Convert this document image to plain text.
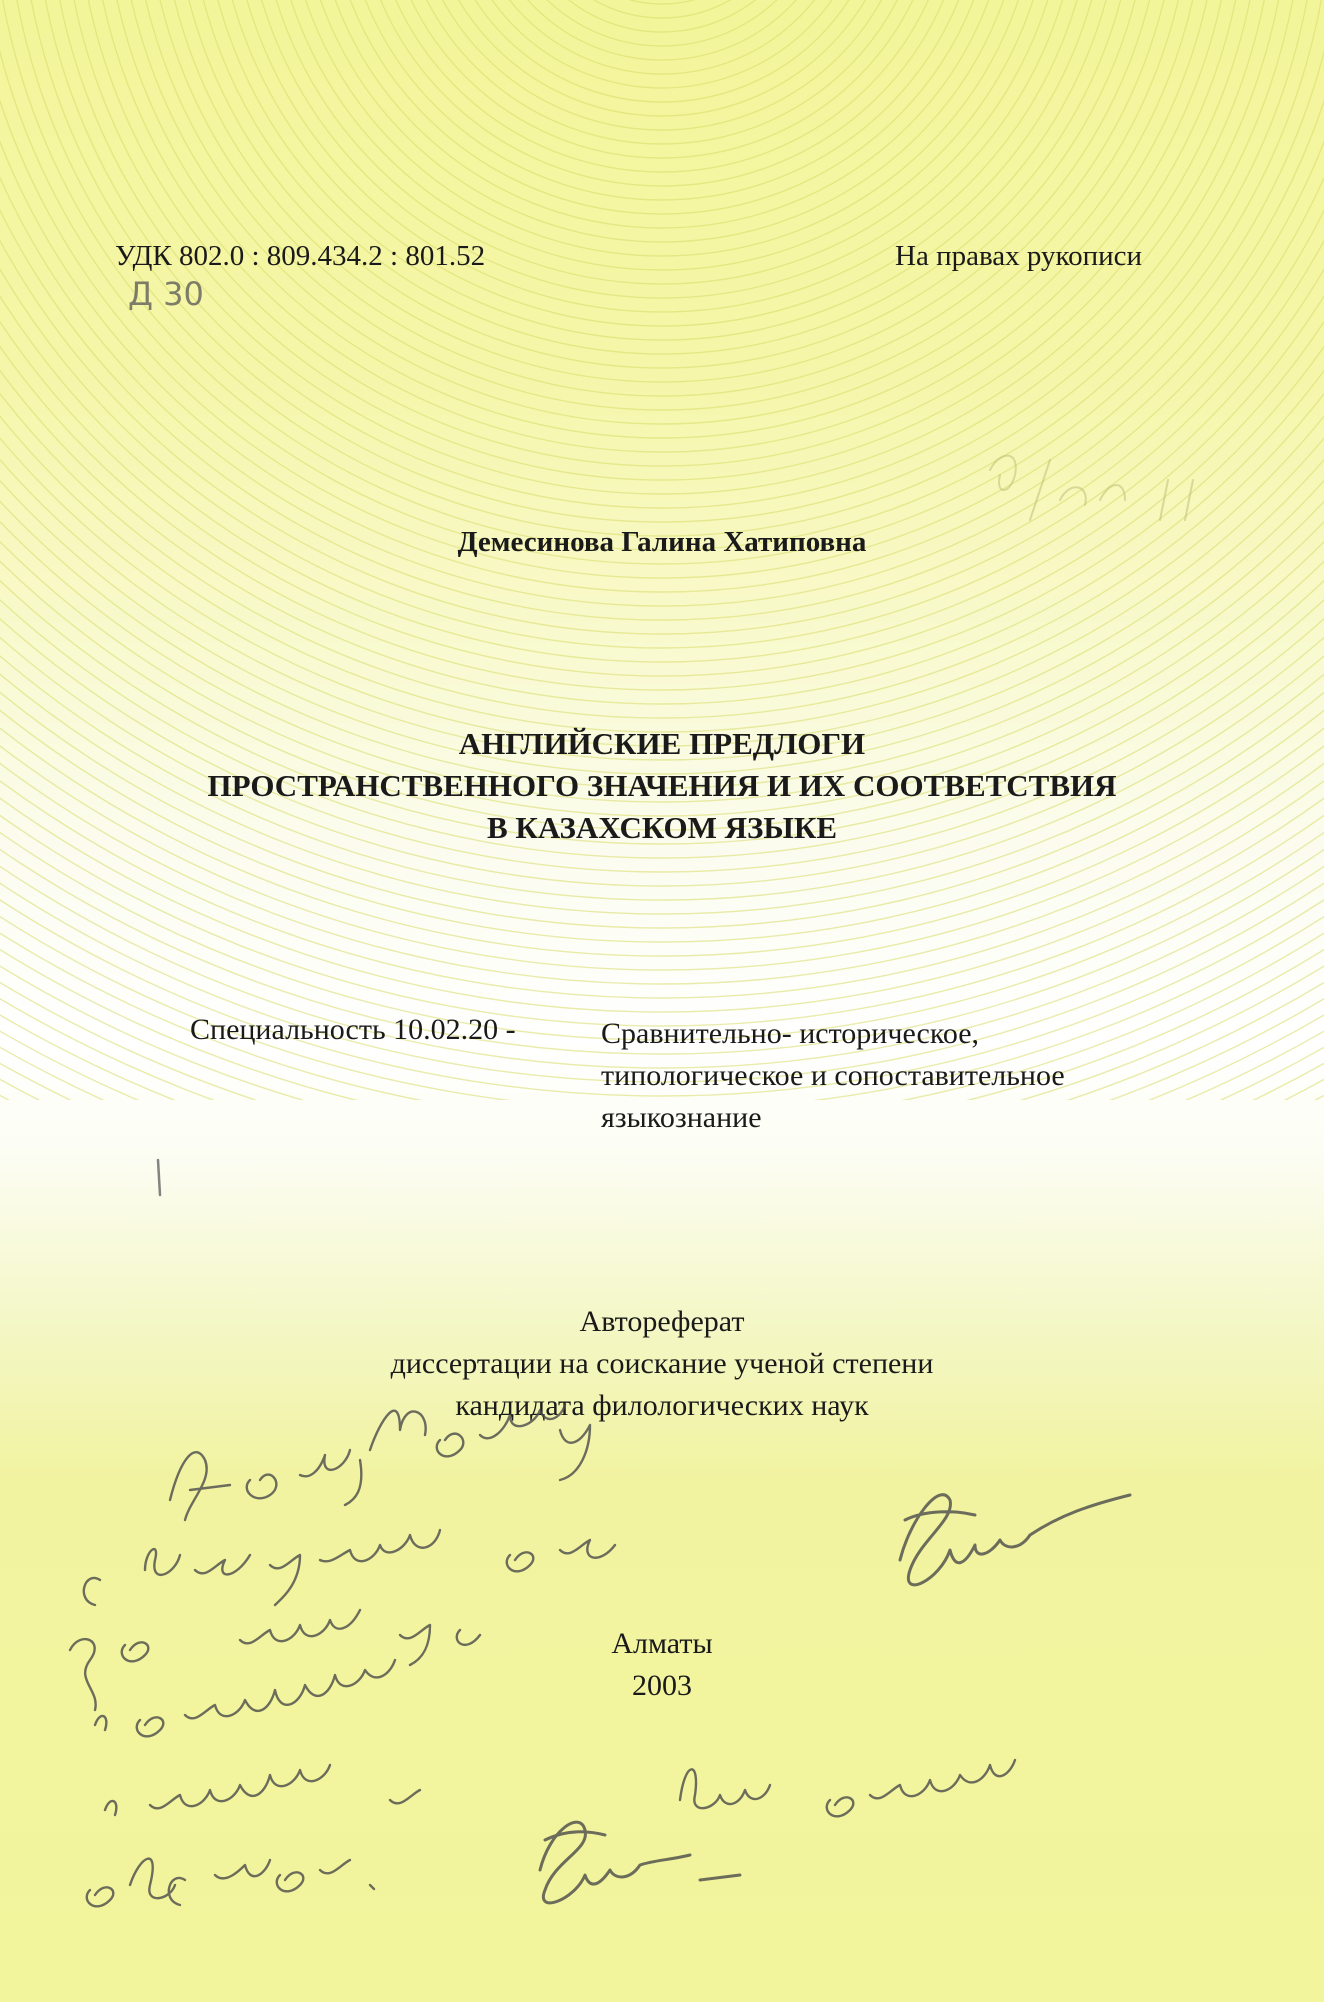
УДК 802.0 : 809.434.2 : 801.52	На правах рукописи
Д 30
Демесинова Галина Хатиповна
АНГЛИЙСКИЕ ПРЕДЛОГИ
ПРОСТРАНСТВЕННОГО ЗНАЧЕНИЯ И ИХ СООТВЕТСТВИЯ
В КАЗАХСКОМ ЯЗЫКЕ
Специальность 10.02.20 -	Сравнительно- историческое,
типологическое и сопоставительное
языкознание
Автореферат
диссертации на соискание ученой степени
кандидата филологических наук
Алматы
2003
